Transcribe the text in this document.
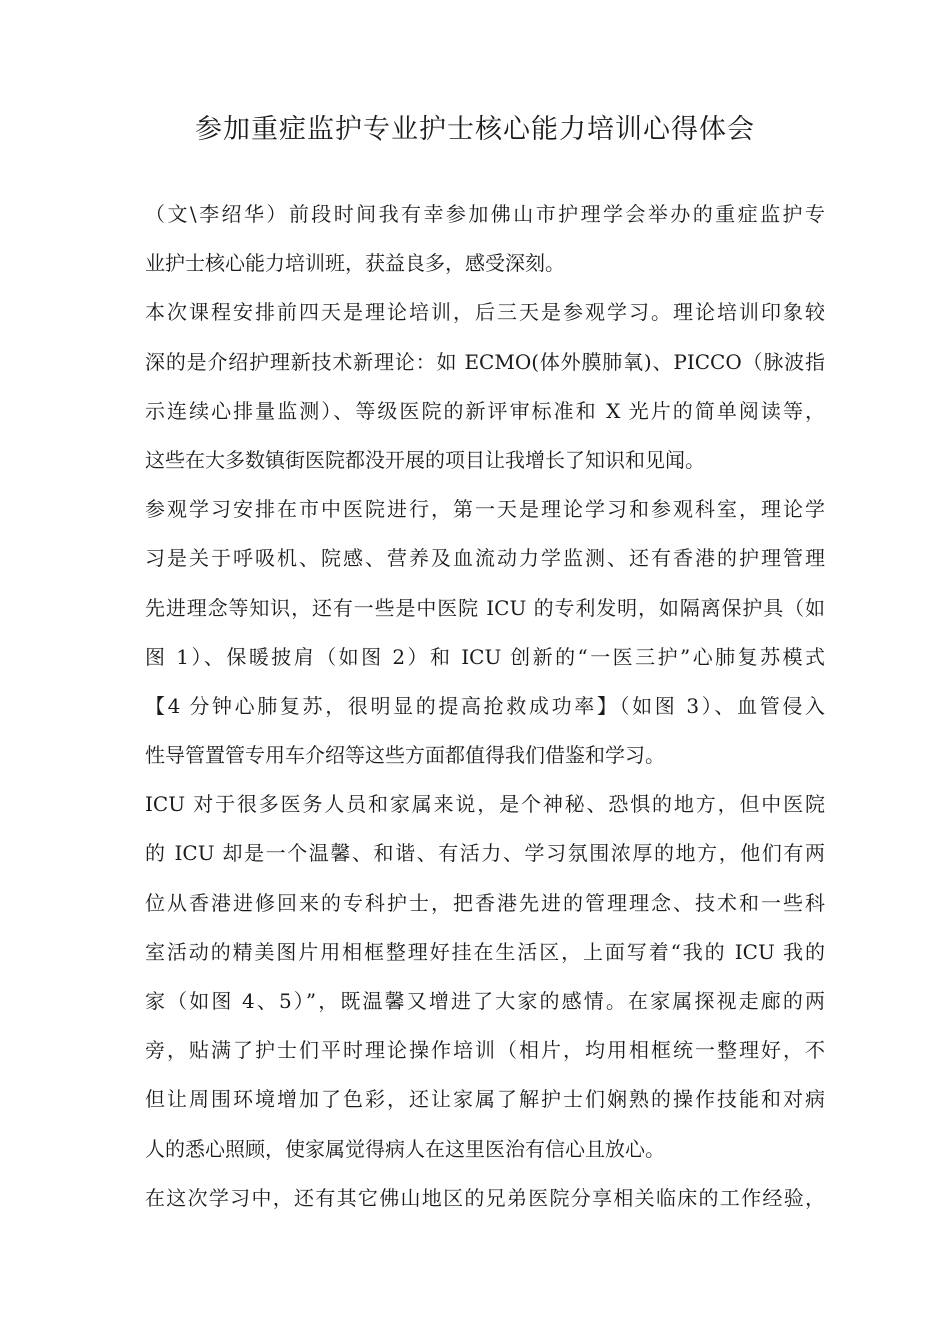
参加重症监护专业护士核心能力培训心得体会
（文\李绍华）前段时间我有幸参加佛山市护理学会举办的重症监护专
业护士核心能力培训班，获益良多，感受深刻。
本次课程安排前四天是理论培训，后三天是参观学习。理论培训印象较
深的是介绍护理新技术新理论：如 ECMO(体外膜肺氧)、PICCO（脉波指
示连续心排量监测）、等级医院的新评审标准和 X 光片的简单阅读等，
这些在大多数镇街医院都没开展的项目让我增长了知识和见闻。
参观学习安排在市中医院进行，第一天是理论学习和参观科室，理论学
习是关于呼吸机、院感、营养及血流动力学监测、还有香港的护理管理
先进理念等知识，还有一些是中医院 ICU 的专利发明，如隔离保护具（如
图 1）、保暖披肩（如图 2）和 ICU 创新的“一医三护”心肺复苏模式
【4 分钟心肺复苏，很明显的提高抢救成功率】（如图 3）、血管侵入
性导管置管专用车介绍等这些方面都值得我们借鉴和学习。
ICU 对于很多医务人员和家属来说，是个神秘、恐惧的地方，但中医院
的 ICU 却是一个温馨、和谐、有活力、学习氛围浓厚的地方，他们有两
位从香港进修回来的专科护士，把香港先进的管理理念、技术和一些科
室活动的精美图片用相框整理好挂在生活区，上面写着“我的 ICU 我的
家（如图 4、5）”，既温馨又增进了大家的感情。在家属探视走廊的两
旁，贴满了护士们平时理论操作培训（相片，均用相框统一整理好，不
但让周围环境增加了色彩，还让家属了解护士们娴熟的操作技能和对病
人的悉心照顾，使家属觉得病人在这里医治有信心且放心。
在这次学习中，还有其它佛山地区的兄弟医院分享相关临床的工作经验，
